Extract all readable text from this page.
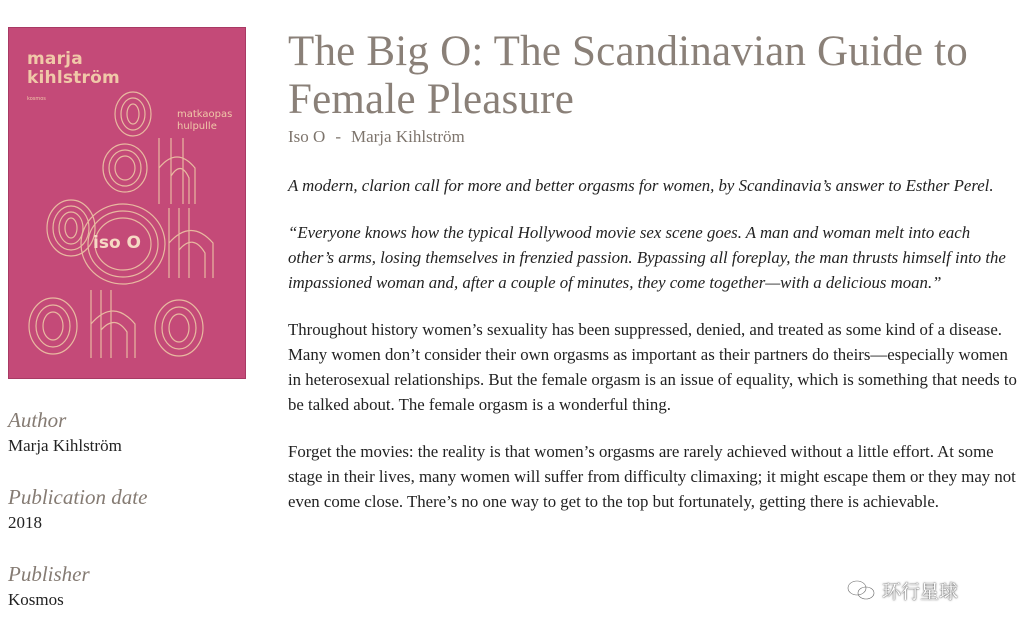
marja
kihlström
kosmos
matkaopas
hulpulle
iso O
Author
Marja Kihlström
Publication date
2018
Publisher
Kosmos
The Big O: The Scandinavian Guide to Female Pleasure
Iso O - Marja Kihlström

A modern, clarion call for more and better orgasms for women, by Scandinavia’s answer to Esther Perel.

“Everyone knows how the typical Hollywood movie sex scene goes. A man and woman melt into each other’s arms, losing themselves in frenzied passion. Bypassing all foreplay, the man thrusts himself into the impassioned woman and, after a couple of minutes, they come together—with a delicious moan.”

Throughout history women’s sexuality has been suppressed, denied, and treated as some kind of a disease. Many women don’t consider their own orgasms as important as their partners do theirs—especially women in heterosexual relationships. But the female orgasm is an issue of equality, which is something that needs to be talked about. The female orgasm is a wonderful thing.

Forget the movies: the reality is that women’s orgasms are rarely achieved without a little effort. At some stage in their lives, many women will suffer from difficulty climaxing; it might escape them or they may not even come close. There’s no one way to get to the top but fortunately, getting there is achievable.

环行星球
